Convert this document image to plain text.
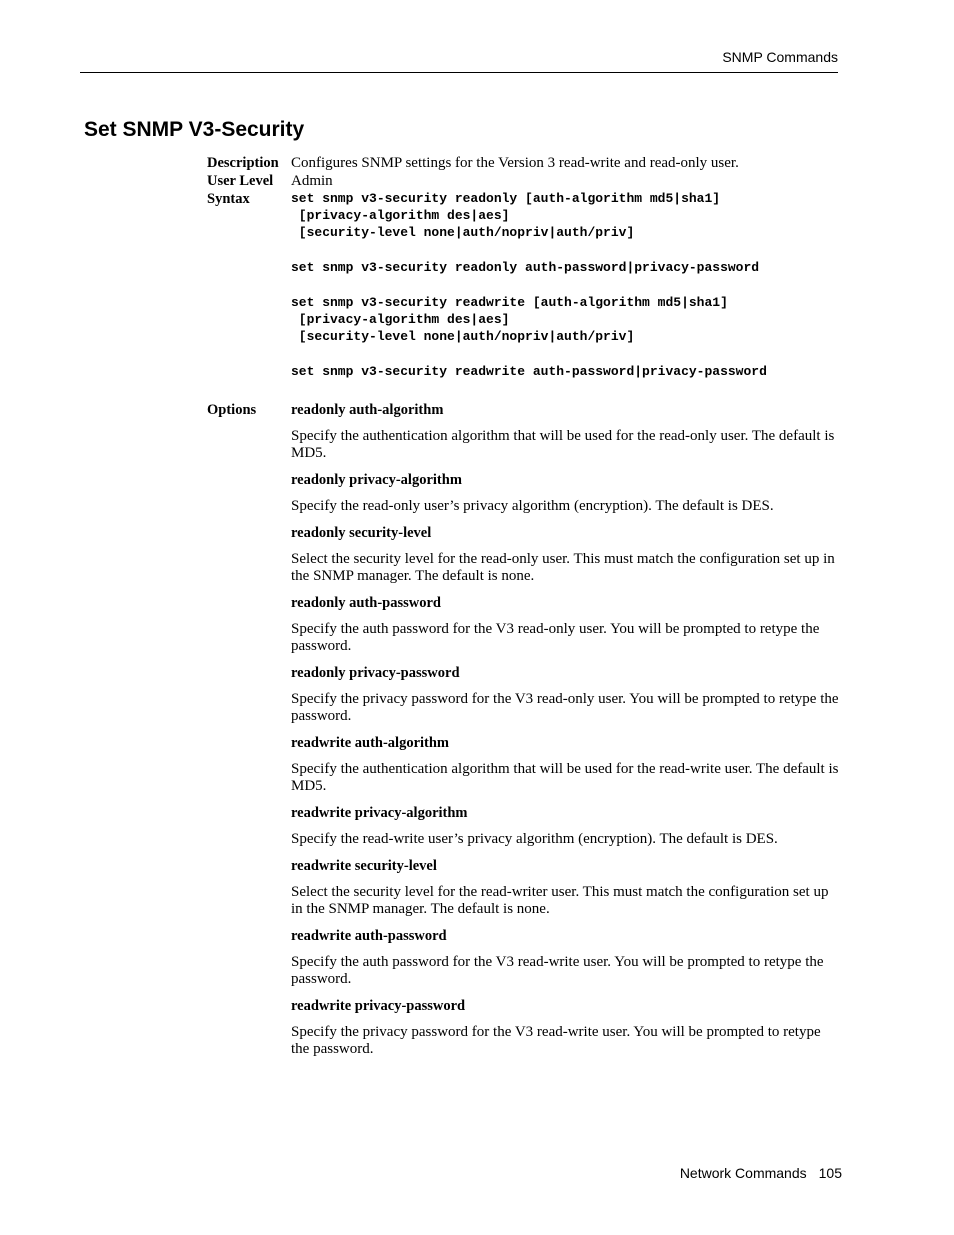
SNMP Commands
Set SNMP V3-Security
Description Configures SNMP settings for the Version 3 read-write and read-only user.
User Level Admin
Syntax	set snmp v3-security readonly [auth-algorithm md5|sha1]
[privacy-algorithm des|aes]
[security-level none|auth/nopriv|auth/priv]
set snmp v3-security readonly auth-password|privacy-password
set snmp v3-security readwrite [auth-algorithm md5|sha1]
[privacy-algorithm des|aes]
[security-level none|auth/nopriv|auth/priv]
set snmp v3-security readwrite auth-password|privacy-password
Options readonly auth-algorithm

Specify the authentication algorithm that will be used for the read-only user. The default is MD5.

readonly privacy-algorithm

Specify the read-only user’s privacy algorithm (encryption). The default is DES.

readonly security-level

Select the security level for the read-only user. This must match the configuration set up in the SNMP manager. The default is none.

readonly auth-password

Specify the auth password for the V3 read-only user. You will be prompted to retype the password.

readonly privacy-password

Specify the privacy password for the V3 read-only user. You will be prompted to retype the password.

readwrite auth-algorithm

Specify the authentication algorithm that will be used for the read-write user. The default is MD5.

readwrite privacy-algorithm

Specify the read-write user’s privacy algorithm (encryption). The default is DES.

readwrite security-level

Select the security level for the read-writer user. This must match the configuration set up in the SNMP manager. The default is none.

readwrite auth-password

Specify the auth password for the V3 read-write user. You will be prompted to retype the password.

readwrite privacy-password

Specify the privacy password for the V3 read-write user. You will be prompted to retype the password.

Network Commands 105
